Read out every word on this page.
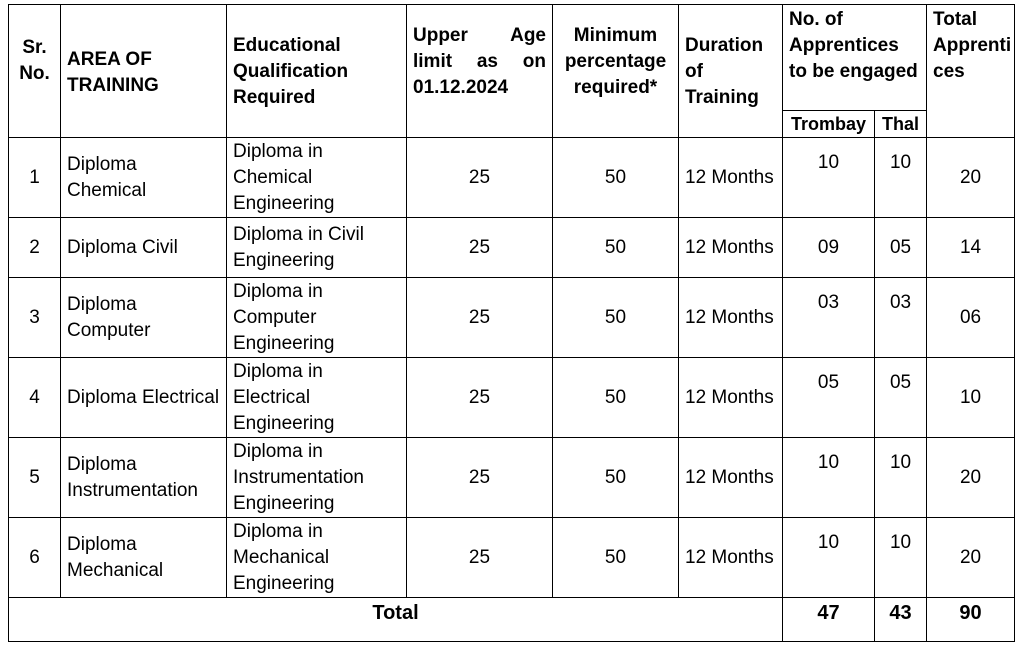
Sr. No.	AREA OF TRAINING	Educational Qualification Required	Upper Age limit as on 01.12.2024	Minimum percentage required*	Duration of Training	No. of Apprentices to be engaged		Total Apprenti ces
						Trombay	Thal	
1	Diploma Chemical	Diploma in Chemical Engineering	25	50	12 Months	10	10	20
2	Diploma Civil	Diploma in Civil Engineering	25	50	12 Months	09	05	14
3	Diploma Computer	Diploma in Computer Engineering	25	50	12 Months	03	03	06
4	Diploma Electrical	Diploma in Electrical Engineering	25	50	12 Months	05	05	10
5	Diploma Instrumentation	Diploma in Instrumentation Engineering	25	50	12 Months	10	10	20
6	Diploma Mechanical	Diploma in Mechanical Engineering	25	50	12 Months	10	10	20
Total						47	43	90
